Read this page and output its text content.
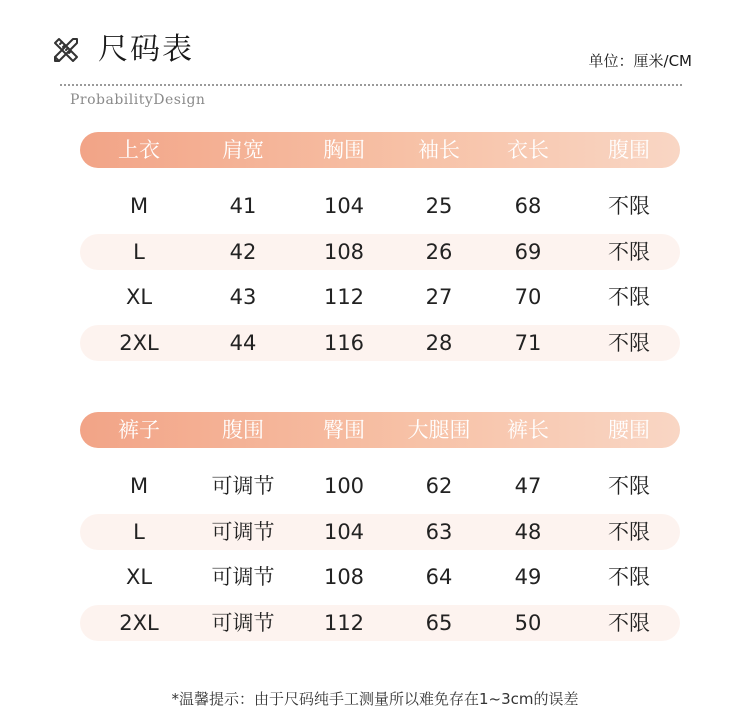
尺码表	单位：厘米/CM
ProbabilityDesign
上衣	肩宽	胸围	袖长	衣长	腹围
M	41	104	25	68	不限
L	42	108	26	69	不限
XL	43	112	27	70	不限
2XL	44	116	28	71	不限
裤子	腹围	臀围	大腿围	裤长	腰围
M	可调节	100	62	47	不限
L	可调节	104	63	48	不限
XL	可调节	108	64	49	不限
2XL	可调节	112	65	50	不限
*温馨提示：由于尺码纯手工测量所以难免存在1~3cm的误差
